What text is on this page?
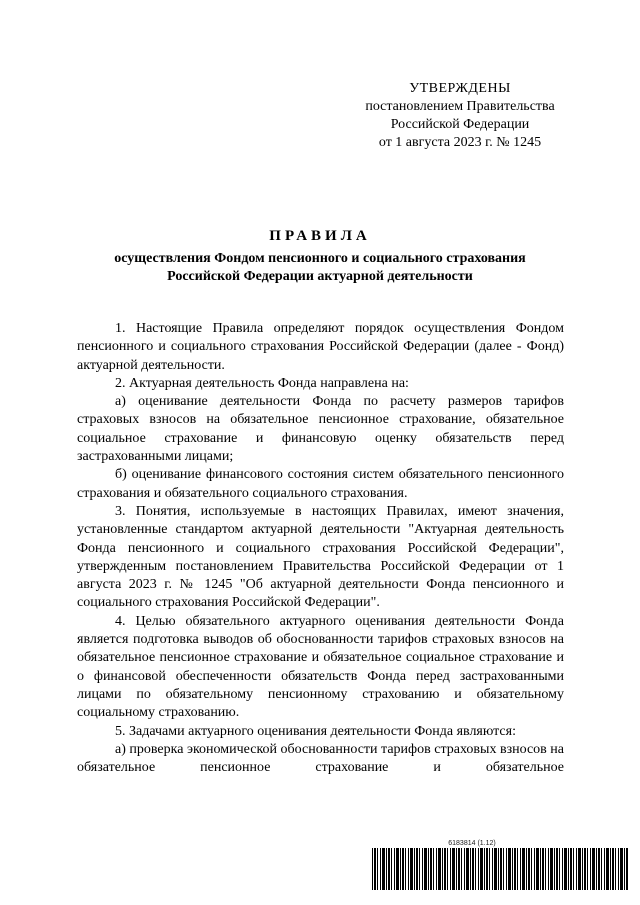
УТВЕРЖДЕНЫ
постановлением Правительства
Российской Федерации
от 1 августа 2023 г. № 1245
ПРАВИЛА
осуществления Фондом пенсионного и социального страхования
Российской Федерации актуарной деятельности

1. Настоящие Правила определяют порядок осуществления Фондом пенсионного и социального страхования Российской Федерации (далее - Фонд) актуарной деятельности.

2. Актуарная деятельность Фонда направлена на:

а) оценивание деятельности Фонда по расчету размеров тарифов страховых взносов на обязательное пенсионное страхование, обязательное социальное страхование и финансовую оценку обязательств перед застрахованными лицами;

б) оценивание финансового состояния систем обязательного пенсионного страхования и обязательного социального страхования.

3. Понятия, используемые в настоящих Правилах, имеют значения, установленные стандартом актуарной деятельности "Актуарная деятельность Фонда пенсионного и социального страхования Российской Федерации", утвержденным постановлением Правительства Российской Федерации от 1 августа 2023 г. № 1245 "Об актуарной деятельности Фонда пенсионного и социального страхования Российской Федерации".

4. Целью обязательного актуарного оценивания деятельности Фонда является подготовка выводов об обоснованности тарифов страховых взносов на обязательное пенсионное страхование и обязательное социальное страхование и о финансовой обеспеченности обязательств Фонда перед застрахованными лицами по обязательному пенсионному страхованию и обязательному социальному страхованию.

5. Задачами актуарного оценивания деятельности Фонда являются:

а) проверка экономической обоснованности тарифов страховых взносов на обязательное пенсионное страхование и обязательное

6183814 (1.12)
